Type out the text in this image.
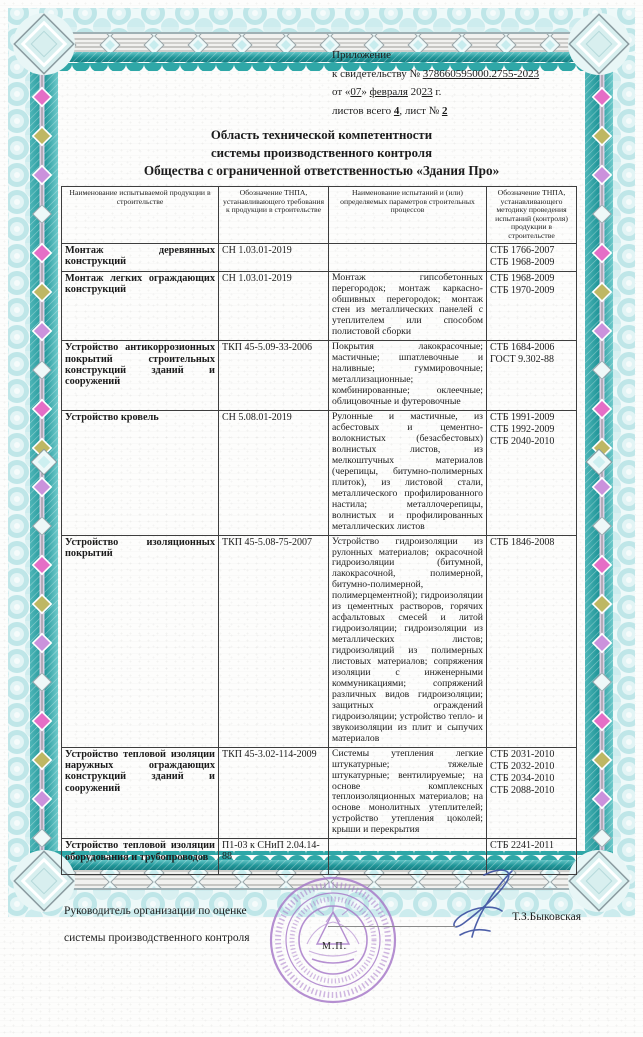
Приложение
к свидетельству № 378660595000.2755-2023
от «07» февраля 2023 г.
листов всего 4, лист № 2
Область технической компетентности
системы производственного контроля
Общества с ограниченной ответственностью «Здания Про»
Наименование испытываемой продукции в строительстве	Обозначение ТНПА, устанавливающего требования к продукции в строительстве	Наименование испытаний и (или) определяемых параметров строительных процессов	Обозначение ТНПА, устанавливающего методику проведения испытаний (контроля) продукции в строительстве
Монтаж деревянных конструкций	СН 1.03.01-2019		СТБ 1766-2007
СТБ 1968-2009

Монтаж легких ограждающих конструкций	СН 1.03.01-2019	Монтаж гипсобетонных перегородок; монтаж каркасно-обшивных перегородок; монтаж стен из металлических панелей с утеплителем или способом полистовой сборки	СТБ 1968-2009
СТБ 1970-2009

Устройство антикоррозионных покрытий строительных конструкций зданий и сооружений	ТКП 45-5.09-33-2006	Покрытия лакокрасочные; мастичные; шпатлевочные и наливные; гуммировочные; металлизационные; комбинированные; оклеечные; облицовочные и футеровочные	СТБ 1684-2006
ГОСТ 9.302-88

Устройство кровель	СН 5.08.01-2019	Рулонные и мастичные, из асбестовых и цементно-волокнистых (безасбестовых) волнистых листов, из мелкоштучных материалов (черепицы, битумно-полимерных плиток), из листовой стали, металлического профилированного настила; металлочерепицы, волнистых и профилированных металлических листов	
СТБ 1991-2009
СТБ 1992-2009
СТБ 2040-2010

Устройство изоляционных покрытий	ТКП 45-5.08-75-2007	Устройство гидроизоляции из рулонных материалов; окрасочной гидроизоляции (битумной, лакокрасочной, полимерной, битумно-полимерной, полимерцементной); гидроизоляции из цементных растворов, горячих асфальтовых смесей и литой гидроизоляции; гидроизоляции из металлических листов; гидроизоляций из полимерных листовых материалов; сопряжения изоляции с инженерными коммуникациями; сопряжений различных видов гидроизоляции; защитных ограждений гидроизоляции; устройство тепло- и звукоизоляции из плит и сыпучих материалов	СТБ 1846-2008

Устройство тепловой изоляции наружных ограждающих конструкций зданий и сооружений	ТКП 45-3.02-114-2009	Системы утепления легкие штукатурные; тяжелые штукатурные; вентилируемые; на основе комплексных теплоизоляционных материалов; на основе монолитных утеплителей; устройство утепления цоколей; крыши и перекрытия	
СТБ 2031-2010
СТБ 2032-2010
СТБ 2034-2010
СТБ 2088-2010

Устройство тепловой изоляции оборудования и трубопроводов	П1-03 к СНиП 2.04.14-88		СТБ 2241-2011
Руководитель организации по оценке
системы производственного контроля
Т.З.Быковская
М.П.
